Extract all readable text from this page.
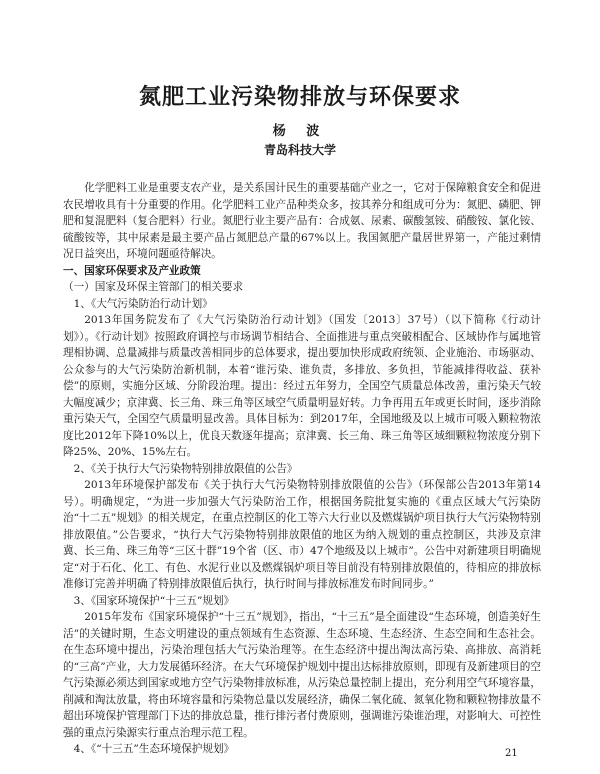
氮肥工业污染物排放与环保要求
杨 波
青岛科技大学

化学肥料工业是重要支农产业，是关系国计民生的重要基础产业之一，它对于保障粮食安全和促进农民增收具有十分重要的作用。化学肥料工业产品种类众多，按其养分和组成可分为：氮肥、磷肥、钾肥和复混肥料（复合肥料）行业。氮肥行业主要产品有：合成氨、尿素、碳酸氢铵、硝酸铵、氯化铵、硫酸铵等，其中尿素是最主要产品占氮肥总产量的67%以上。我国氮肥产量居世界第一，产能过剩情况日益突出，环境问题亟待解决。

一、国家环保要求及产业政策

（一）国家及环保主管部门的相关要求

1、《大气污染防治行动计划》

2013年国务院发布了《大气污染防治行动计划》（国发〔2013〕37号）（以下简称《行动计划》）。《行动计划》按照政府调控与市场调节相结合、全面推进与重点突破相配合、区域协作与属地管理相协调、总量减排与质量改善相同步的总体要求，提出要加快形成政府统领、企业施治、市场驱动、公众参与的大气污染防治新机制，本着“谁污染、谁负责，多排放、多负担，节能减排得收益、获补偿”的原则，实施分区域、分阶段治理。提出：经过五年努力，全国空气质量总体改善，重污染天气较大幅度减少；京津冀、长三角、珠三角等区域空气质量明显好转。力争再用五年或更长时间，逐步消除重污染天气，全国空气质量明显改善。具体目标为：到2017年，全国地级及以上城市可吸入颗粒物浓度比2012年下降10%以上，优良天数逐年提高；京津冀、长三角、珠三角等区域细颗粒物浓度分别下降25%、20%、15%左右。

2、《关于执行大气污染物特别排放限值的公告》

2013年环境保护部发布《关于执行大气污染物特别排放限值的公告》（环保部公告2013年第14号）。明确规定，“为进一步加强大气污染防治工作，根据国务院批复实施的《重点区域大气污染防治“十二五”规划》的相关规定，在重点控制区的化工等六大行业以及燃煤锅炉项目执行大气污染物特别排放限值。”公告要求，“执行大气污染物特别排放限值的地区为纳入规划的重点控制区，共涉及京津冀、长三角、珠三角等“三区十群”19个省（区、市）47个地级及以上城市”。公告中对新建项目明确规定“对于石化、化工、有色、水泥行业以及燃煤锅炉项目等目前没有特别排放限值的，待相应的排放标准修订完善并明确了特别排放限值后执行，执行时间与排放标准发布时间同步。”

3、《国家环境保护“十三五”规划》

2015年发布《国家环境保护“十三五”规划》，指出，“十三五”是全面建设“生态环境，创造美好生活”的关键时期，生态文明建设的重点领域有生态资源、生态环境、生态经济、生态空间和生态社会。在生态环境中提出，污染治理包括大气污染治理等。在生态经济中提出淘汰高污染、高排放、高消耗的“三高”产业，大力发展循环经济。在大气环境保护规划中提出达标排放原则，即现有及新建项目的空气污染源必须达到国家或地方空气污染物排放标准，从污染总量控制上提出，充分利用空气环境容量，削减和淘汰放量，将由环境容量和污染物总量以发展经济，确保二氧化硫、氮氧化物和颗粒物排放量不超出环境保护管理部门下达的排放总量，推行排污者付费原则，强调谁污染谁治理，对影响大、可控性强的重点污染源实行重点治理示范工程。

4、《“十三五”生态环境保护规划》	21
